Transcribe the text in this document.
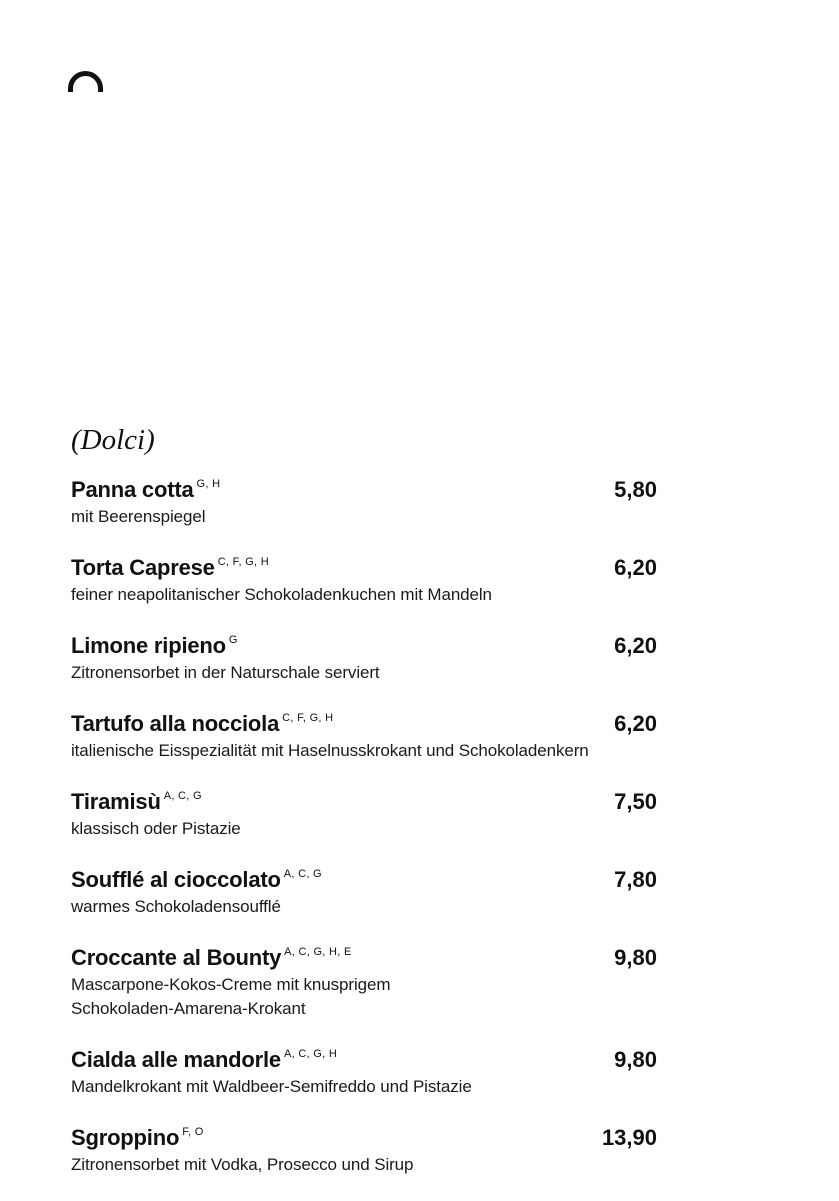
(Dolci)
Panna cotta $^{G, H}$	5,80
mit Beerenspiegel
Torta Caprese $^{C, F, G, H}$	6,20
feiner neapolitanischer Schokoladenkuchen mit Mandeln
Limone ripieno $^G$	6,20
Zitronensorbet in der Naturschale serviert
Tartufo alla nocciola $^{C, F, G, H}$	6,20
italienische Eisspezialität mit Haselnusskrokant und Schokoladenkern
Tiramisù $^{A, C, G}$	7,50
klassisch oder Pistazie
Soufflé al cioccolato $^{A, C, G}$	7,80
warmes Schokoladensoufflé
Croccante al Bounty $^{A, C, G, H, E}$	9,80
Mascarpone-Kokos-Creme mit knusprigem
Schokoladen-Amarena-Krokant
Cialda alle mandorle $^{A, C, G, H}$	9,80
Mandelkrokant mit Waldbeer-Semifreddo und Pistazie
Sgroppino $^{F, O}$	13,90
Zitronensorbet mit Vodka, Prosecco und Sirup
